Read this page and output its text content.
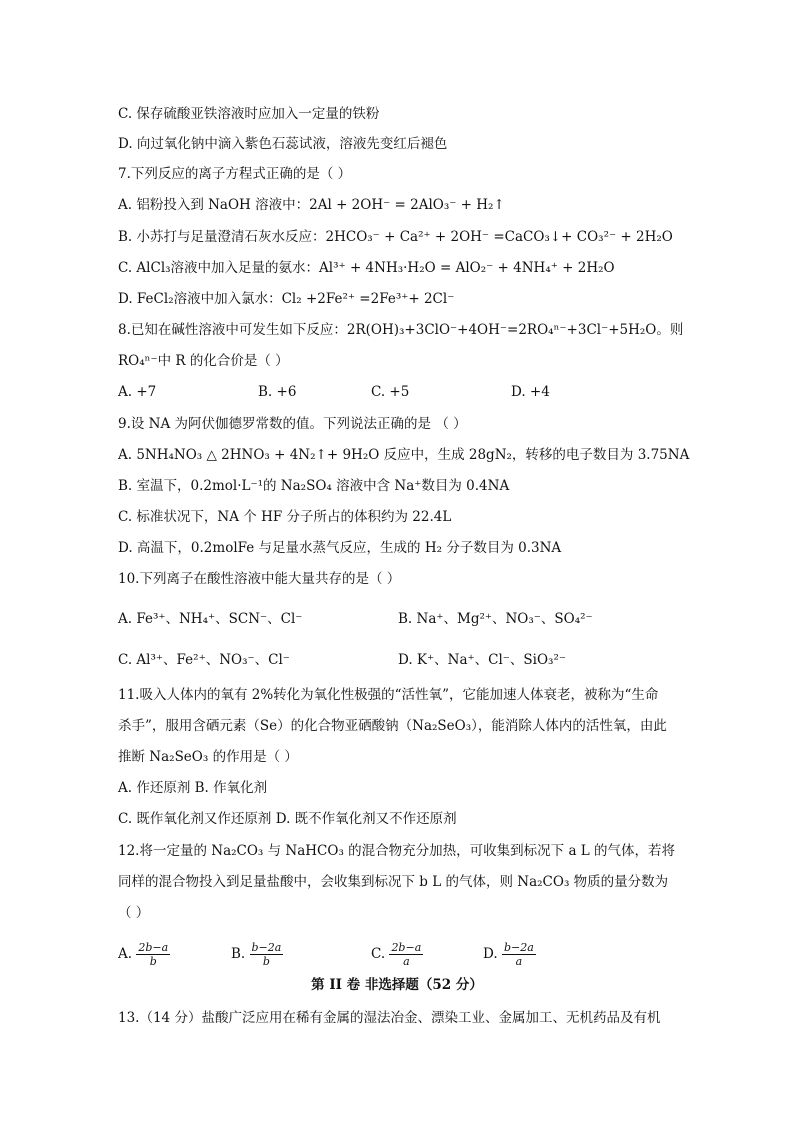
C. 保存硫酸亚铁溶液时应加入一定量的铁粉
D. 向过氧化钠中滴入紫色石蕊试液，溶液先变红后褪色
7.下列反应的离子方程式正确的是（ ）
A. 铝粉投入到 NaOH 溶液中：2Al + 2OH⁻ = 2AlO₃⁻ + H₂↑
B. 小苏打与足量澄清石灰水反应：2HCO₃⁻ + Ca²⁺ + 2OH⁻ =CaCO₃↓+ CO₃²⁻ + 2H₂O
C. AlCl₃溶液中加入足量的氨水：Al³⁺ + 4NH₃·H₂O = AlO₂⁻ + 4NH₄⁺ + 2H₂O
D. FeCl₂溶液中加入氯水：Cl₂ +2Fe²⁺ =2Fe³⁺+ 2Cl⁻
8.已知在碱性溶液中可发生如下反应：2R(OH)₃+3ClO⁻+4OH⁻=2RO₄ⁿ⁻+3Cl⁻+5H₂O。则
RO₄ⁿ⁻中 R 的化合价是（ ）
A. +7	B. +6	C. +5	D. +4
9.设 NA 为阿伏伽德罗常数的值。下列说法正确的是 （ ）
A. 5NH₄NO₃ △ 2HNO₃ + 4N₂↑+ 9H₂O 反应中，生成 28gN₂，转移的电子数目为 3.75NA
B. 室温下，0.2mol·L⁻¹的 Na₂SO₄ 溶液中含 Na⁺数目为 0.4NA
C. 标准状况下，NA 个 HF 分子所占的体积约为 22.4L
D. 高温下，0.2molFe 与足量水蒸气反应，生成的 H₂ 分子数目为 0.3NA
10.下列离子在酸性溶液中能大量共存的是（ ）
A. Fe³⁺、NH₄⁺、SCN⁻、Cl⁻	B. Na⁺、Mg²⁺、NO₃⁻、SO₄²⁻
C. Al³⁺、Fe²⁺、NO₃⁻、Cl⁻	D. K⁺、Na⁺、Cl⁻、SiO₃²⁻
11.吸入人体内的氧有 2%转化为氧化性极强的“活性氧”，它能加速人体衰老，被称为“生命
杀手”，服用含硒元素（Se）的化合物亚硒酸钠（Na₂SeO₃），能消除人体内的活性氧，由此
推断 Na₂SeO₃ 的作用是（ ）
A. 作还原剂 B. 作氧化剂
C. 既作氧化剂又作还原剂 D. 既不作氧化剂又不作还原剂
12.将一定量的 Na₂CO₃ 与 NaHCO₃ 的混合物充分加热，可收集到标况下 a L 的气体，若将
同样的混合物投入到足量盐酸中，会收集到标况下 b L 的气体，则 Na₂CO₃ 物质的量分数为
（ ）
A. $\frac{2b-a}{b}$	B. $\frac{b-2a}{b}$	C. $\frac{2b-a}{a}$	D. $\frac{b-2a}{a}$
第 II 卷 非选择题（52 分）
13.（14 分）盐酸广泛应用在稀有金属的湿法冶金、漂染工业、金属加工、无机药品及有机
